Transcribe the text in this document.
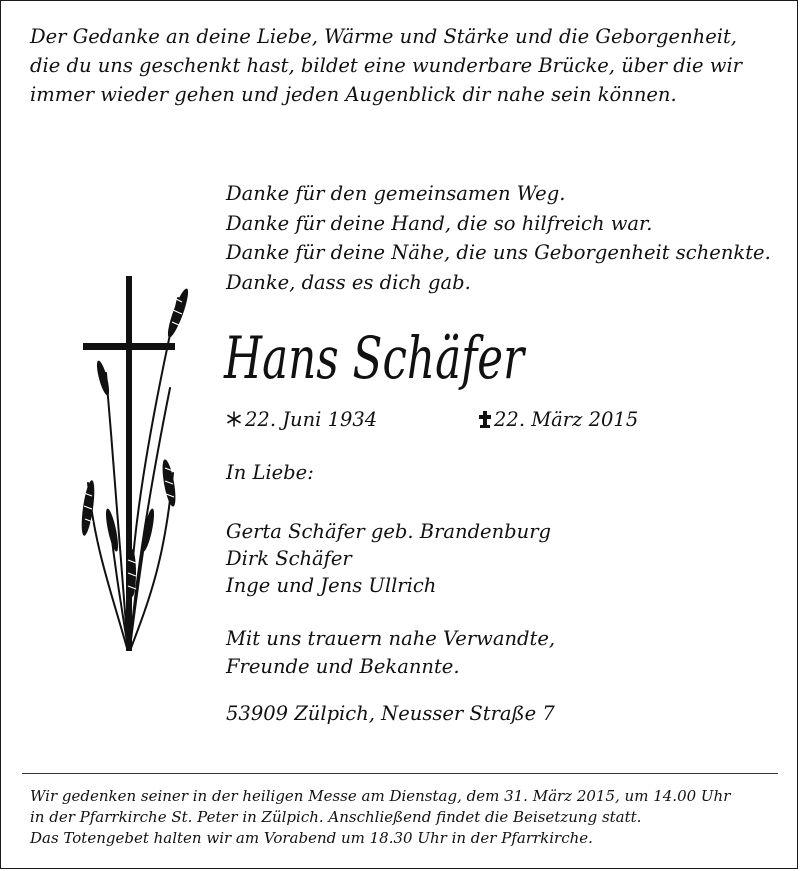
Der Gedanke an deine Liebe, Wärme und Stärke und die Geborgenheit,
die du uns geschenkt hast, bildet eine wunderbare Brücke, über die wir
immer wieder gehen und jeden Augenblick dir nahe sein können.
Danke für den gemeinsamen Weg.
Danke für deine Hand, die so hilfreich war.
Danke für deine Nähe, die uns Geborgenheit schenkte.
Danke, dass es dich gab.
Hans Schäfer
22. Juni 1934	22. März 2015
In Liebe:
Gerta Schäfer geb. Brandenburg
Dirk Schäfer
Inge und Jens Ullrich
Mit uns trauern nahe Verwandte,
Freunde und Bekannte.
53909 Zülpich, Neusser Straße 7
Wir gedenken seiner in der heiligen Messe am Dienstag, dem 31. März 2015, um 14.00 Uhr
in der Pfarrkirche St. Peter in Zülpich. Anschließend findet die Beisetzung statt.
Das Totengebet halten wir am Vorabend um 18.30 Uhr in der Pfarrkirche.
